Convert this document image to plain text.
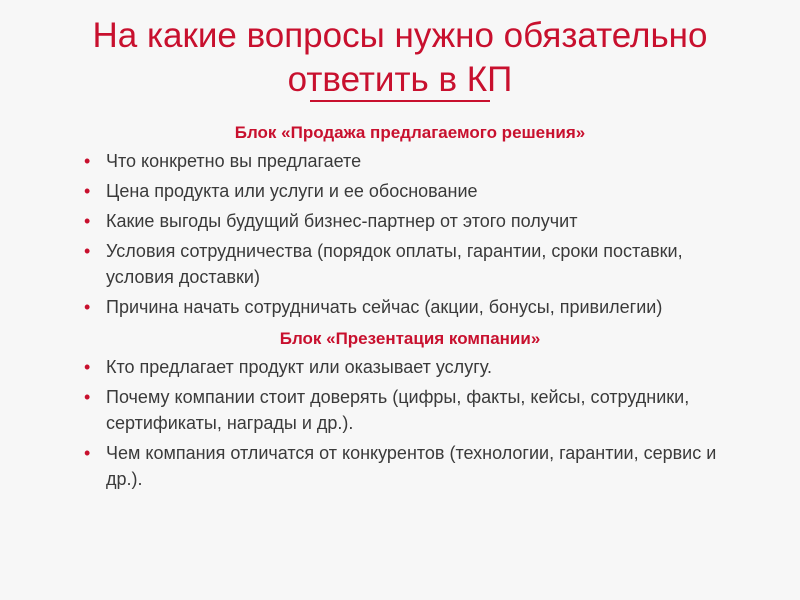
На какие вопросы нужно обязательно
ответить в КП

Блок «Продажа предлагаемого решения»

• Что конкретно вы предлагаете
• Цена продукта или услуги и ее обоснование
• Какие выгоды будущий бизнес-партнер от этого получит
• Условия сотрудничества (порядок оплаты, гарантии, сроки поставки, условия доставки)
• Причина начать сотрудничать сейчас (акции, бонусы, привилегии)

Блок «Презентация компании»

• Кто предлагает продукт или оказывает услугу.
• Почему компании стоит доверять (цифры, факты, кейсы, сотрудники, сертификаты, награды и др.).
• Чем компания отличатся от конкурентов (технологии, гарантии, сервис и др.).
